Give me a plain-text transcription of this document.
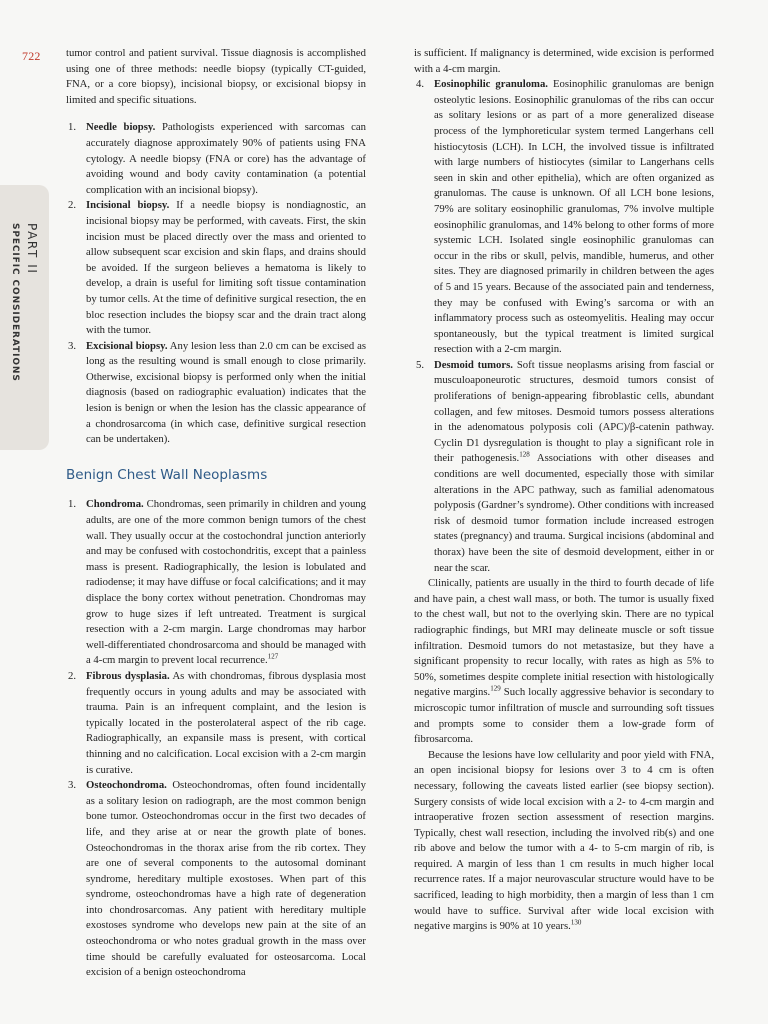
722
PART II
SPECIFIC CONSIDERATIONS

tumor control and patient survival. Tissue diagnosis is accomplished using one of three methods: needle biopsy (typically CT-guided, FNA, or a core biopsy), incisional biopsy, or excisional biopsy in limited and specific situations.

1. Needle biopsy. Pathologists experienced with sarcomas can accurately diagnose approximately 90% of patients using FNA cytology. A needle biopsy (FNA or core) has the advantage of avoiding wound and body cavity contamination (a potential complication with an incisional biopsy).
2. Incisional biopsy. If a needle biopsy is nondiagnostic, an incisional biopsy may be performed, with caveats. First, the skin incision must be placed directly over the mass and oriented to allow subsequent scar excision and skin flaps, and drains should be avoided. If the surgeon believes a hematoma is likely to develop, a drain is useful for limiting soft tissue contamination by tumor cells. At the time of definitive surgical resection, the en bloc resection includes the biopsy scar and the drain tract along with the tumor.
3. Excisional biopsy. Any lesion less than 2.0 cm can be excised as long as the resulting wound is small enough to close primarily. Otherwise, excisional biopsy is performed only when the initial diagnosis (based on radiographic evaluation) indicates that the lesion is benign or when the lesion has the classic appearance of a chondrosarcoma (in which case, definitive surgical resection can be undertaken).
Benign Chest Wall Neoplasms
1. Chondroma. Chondromas, seen primarily in children and young adults, are one of the more common benign tumors of the chest wall. They usually occur at the costochondral junction anteriorly and may be confused with costochondritis, except that a painless mass is present. Radiographically, the lesion is lobulated and radiodense; it may have diffuse or focal calcifications; and it may displace the bony cortex without penetration. Chondromas may grow to huge sizes if left untreated. Treatment is surgical resection with a 2-cm margin. Large chondromas may harbor well-differentiated chondrosarcoma and should be managed with a 4-cm margin to prevent local recurrence.$^{127}$
2. Fibrous dysplasia. As with chondromas, fibrous dysplasia most frequently occurs in young adults and may be associated with trauma. Pain is an infrequent complaint, and the lesion is typically located in the posterolateral aspect of the rib cage. Radiographically, an expansile mass is present, with cortical thinning and no calcification. Local excision with a 2-cm margin is curative.
3. Osteochondroma. Osteochondromas, often found incidentally as a solitary lesion on radiograph, are the most common benign bone tumor. Osteochondromas occur in the first two decades of life, and they arise at or near the growth plate of bones. Osteochondromas in the thorax arise from the rib cortex. They are one of several components to the autosomal dominant syndrome, hereditary multiple exostoses. When part of this syndrome, osteochondromas have a high rate of degeneration into chondrosarcomas. Any patient with hereditary multiple exostoses syndrome who develops new pain at the site of an osteochondroma or who notes gradual growth in the mass over time should be carefully evaluated for osteosarcoma. Local excision of a benign osteochondroma

is sufficient. If malignancy is determined, wide excision is performed with a 4-cm margin.

4. Eosinophilic granuloma. Eosinophilic granulomas are benign osteolytic lesions. Eosinophilic granulomas of the ribs can occur as solitary lesions or as part of a more generalized disease process of the lymphoreticular system termed Langerhans cell histiocytosis (LCH). In LCH, the involved tissue is infiltrated with large numbers of histiocytes (similar to Langerhans cells seen in skin and other epithelia), which are often organized as granulomas. The cause is unknown. Of all LCH bone lesions, 79% are solitary eosinophilic granulomas, 7% involve multiple eosinophilic granulomas, and 14% belong to other forms of more systemic LCH. Isolated single eosinophilic granulomas can occur in the ribs or skull, pelvis, mandible, humerus, and other sites. They are diagnosed primarily in children between the ages of 5 and 15 years. Because of the associated pain and tenderness, they may be confused with Ewing’s sarcoma or with an inflammatory process such as osteomyelitis. Healing may occur spontaneously, but the typical treatment is limited surgical resection with a 2-cm margin.
5. Desmoid tumors. Soft tissue neoplasms arising from fascial or musculoaponeurotic structures, desmoid tumors consist of proliferations of benign-appearing fibroblastic cells, abundant collagen, and few mitoses. Desmoid tumors possess alterations in the adenomatous polyposis coli (APC)/β-catenin pathway. Cyclin D1 dysregulation is thought to play a significant role in their pathogenesis.$^{128}$ Associations with other diseases and conditions are well documented, especially those with similar alterations in the APC pathway, such as familial adenomatous polyposis (Gardner’s syndrome). Other conditions with increased risk of desmoid tumor formation include increased estrogen states (pregnancy) and trauma. Surgical incisions (abdominal and thorax) have been the site of desmoid development, either in or near the scar.

Clinically, patients are usually in the third to fourth decade of life and have pain, a chest wall mass, or both. The tumor is usually fixed to the chest wall, but not to the overlying skin. There are no typical radiographic findings, but MRI may delineate muscle or soft tissue infiltration. Desmoid tumors do not metastasize, but they have a significant propensity to recur locally, with rates as high as 5% to 50%, sometimes despite complete initial resection with histologically negative margins.$^{129}$ Such locally aggressive behavior is secondary to microscopic tumor infiltration of muscle and surrounding soft tissues and prompts some to consider them a low-grade form of fibrosarcoma.

Because the lesions have low cellularity and poor yield with FNA, an open incisional biopsy for lesions over 3 to 4 cm is often necessary, following the caveats listed earlier (see biopsy section). Surgery consists of wide local excision with a 2- to 4-cm margin and intraoperative frozen section assessment of resection margins. Typically, chest wall resection, including the involved rib(s) and one rib above and below the tumor with a 4- to 5-cm margin of rib, is required. A margin of less than 1 cm results in much higher local recurrence rates. If a major neurovascular structure would have to be sacrificed, leading to high morbidity, then a margin of less than 1 cm would have to suffice. Survival after wide local excision with negative margins is 90% at 10 years.$^{130}$
